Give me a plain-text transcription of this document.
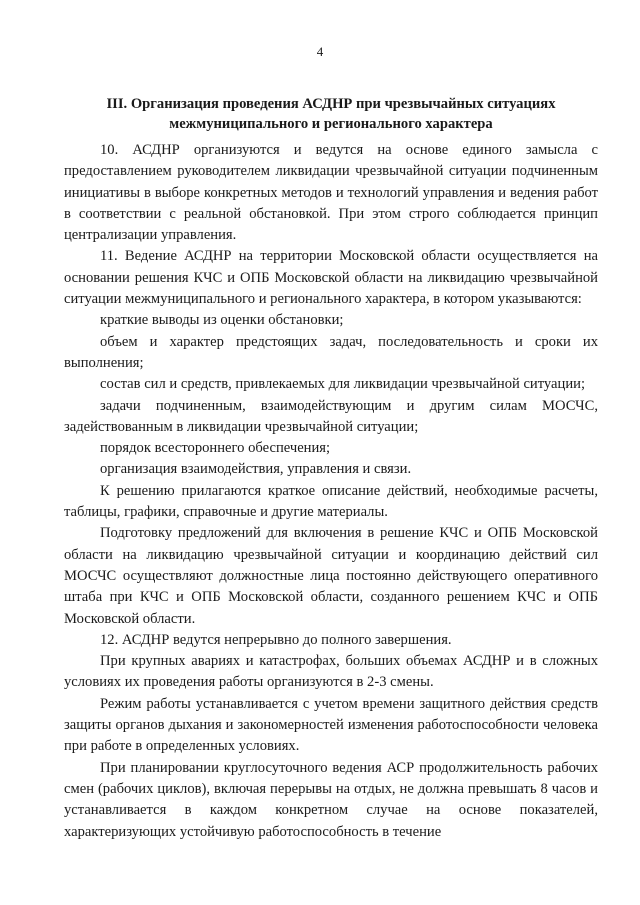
4
III. Организация проведения АСДНР при чрезвычайных ситуациях
межмуниципального и регионального характера

10. АСДНР организуются и ведутся на основе единого замысла с предоставлением руководителем ликвидации чрезвычайной ситуации подчиненным инициативы в выборе конкретных методов и технологий управления и ведения работ в соответствии с реальной обстановкой. При этом строго соблюдается принцип централизации управления.

11. Ведение АСДНР на территории Московской области осуществляется на основании решения КЧС и ОПБ Московской области на ликвидацию чрезвычайной ситуации межмуниципального и регионального характера, в котором указываются:

краткие выводы из оценки обстановки;

объем и характер предстоящих задач, последовательность и сроки их выполнения;

состав сил и средств, привлекаемых для ликвидации чрезвычайной ситуации;

задачи подчиненным, взаимодействующим и другим силам МОСЧС, задействованным в ликвидации чрезвычайной ситуации;

порядок всестороннего обеспечения;

организация взаимодействия, управления и связи.

К решению прилагаются краткое описание действий, необходимые расчеты, таблицы, графики, справочные и другие материалы.

Подготовку предложений для включения в решение КЧС и ОПБ Московской области на ликвидацию чрезвычайной ситуации и координацию действий сил МОСЧС осуществляют должностные лица постоянно действующего оперативного штаба при КЧС и ОПБ Московской области, созданного решением КЧС и ОПБ Московской области.

12. АСДНР ведутся непрерывно до полного завершения.

При крупных авариях и катастрофах, больших объемах АСДНР и в сложных условиях их проведения работы организуются в 2-3 смены.

Режим работы устанавливается с учетом времени защитного действия средств защиты органов дыхания и закономерностей изменения работоспособности человека при работе в определенных условиях.

При планировании круглосуточного ведения АСР продолжительность рабочих смен (рабочих циклов), включая перерывы на отдых, не должна превышать 8 часов и устанавливается в каждом конкретном случае на основе показателей, характеризующих устойчивую работоспособность в течение
